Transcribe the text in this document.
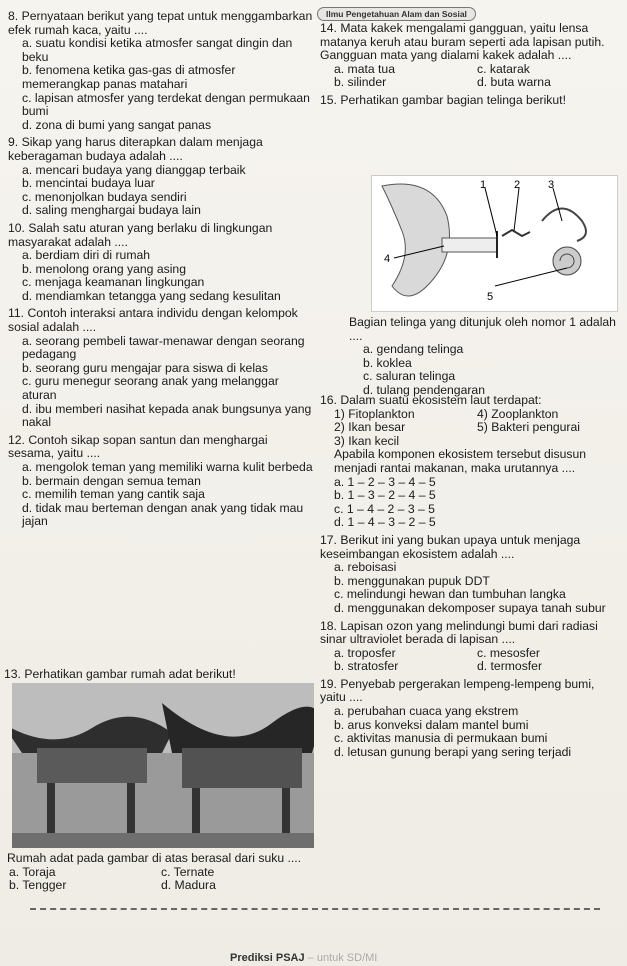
Ilmu Pengetahuan Alam dan Sosial
8. Pernyataan berikut yang tepat untuk menggambarkan efek rumah kaca, yaitu ....
a. suatu kondisi ketika atmosfer sangat dingin dan beku
b. fenomena ketika gas-gas di atmosfer memerangkap panas matahari
c. lapisan atmosfer yang terdekat dengan permukaan bumi
d. zona di bumi yang sangat panas
9. Sikap yang harus diterapkan dalam menjaga keberagaman budaya adalah ....
a. mencari budaya yang dianggap terbaik
b. mencintai budaya luar
c. menonjolkan budaya sendiri
d. saling menghargai budaya lain
10. Salah satu aturan yang berlaku di lingkungan masyarakat adalah ....
a. berdiam diri di rumah
b. menolong orang yang asing
c. menjaga keamanan lingkungan
d. mendiamkan tetangga yang sedang kesulitan
11. Contoh interaksi antara individu dengan kelompok sosial adalah ....
a. seorang pembeli tawar-menawar dengan seorang pedagang
b. seorang guru mengajar para siswa di kelas
c. guru menegur seorang anak yang melanggar aturan
d. ibu memberi nasihat kepada anak bungsunya yang nakal
12. Contoh sikap sopan santun dan menghargai sesama, yaitu ....
a. mengolok teman yang memiliki warna kulit berbeda
b. bermain dengan semua teman
c. memilih teman yang cantik saja
d. tidak mau berteman dengan anak yang tidak mau jajan
13. Perhatikan gambar rumah adat berikut!
Rumah adat pada gambar di atas berasal dari suku ....
a. Toraja	c. Ternate
b. Tengger	d. Madura
14. Mata kakek mengalami gangguan, yaitu lensa matanya keruh atau buram seperti ada lapisan putih. Gangguan mata yang dialami kakek adalah ....
a. mata tua	c. katarak
b. silinder	d. buta warna
15. Perhatikan gambar bagian telinga berikut!
1	2	3
4
5
Bagian telinga yang ditunjuk oleh nomor 1 adalah ....
a. gendang telinga
b. koklea
c. saluran telinga
d. tulang pendengaran
16. Dalam suatu ekosistem laut terdapat:
1) Fitoplankton	4) Zooplankton
2) Ikan besar	5) Bakteri pengurai
3) Ikan kecil
Apabila komponen ekosistem tersebut disusun menjadi rantai makanan, maka urutannya ....
a. 1 – 2 – 3 – 4 – 5
b. 1 – 3 – 2 – 4 – 5
c. 1 – 4 – 2 – 3 – 5
d. 1 – 4 – 3 – 2 – 5
17. Berikut ini yang bukan upaya untuk menjaga keseimbangan ekosistem adalah ....
a. reboisasi
b. menggunakan pupuk DDT
c. melindungi hewan dan tumbuhan langka
d. menggunakan dekomposer supaya tanah subur
18. Lapisan ozon yang melindungi bumi dari radiasi sinar ultraviolet berada di lapisan ....
a. troposfer	c. mesosfer
b. stratosfer	d. termosfer
19. Penyebab pergerakan lempeng-lempeng bumi, yaitu ....
a. perubahan cuaca yang ekstrem
b. arus konveksi dalam mantel bumi
c. aktivitas manusia di permukaan bumi
d. letusan gunung berapi yang sering terjadi
Prediksi PSAJ – untuk SD/MI
